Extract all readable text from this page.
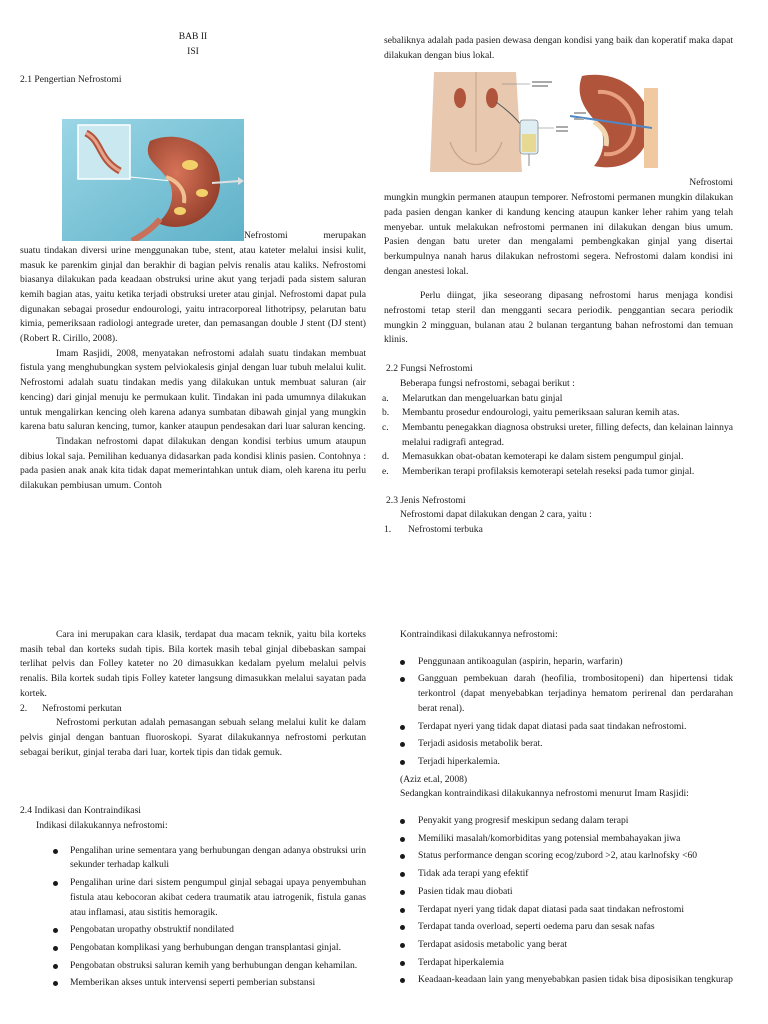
BAB II

ISI

2.1 Pengertian Nefrostomi

Nefrostomi	merupakan
suatu tindakan diversi urine menggunakan tube, stent, atau kateter melalui insisi kulit, masuk ke parenkim ginjal dan berakhir di bagian pelvis renalis atau kaliks. Nefrostomi biasanya dilakukan pada keadaan obstruksi urine akut yang terjadi pada sistem saluran kemih bagian atas, yaitu ketika terjadi obstruksi ureter atau ginjal. Nefrostomi dapat pula digunakan sebagai prosedur endourologi, yaitu intracorporeal lithotripsy, pelarutan batu kimia, pemeriksaan radiologi antegrade ureter, dan pemasangan double J stent (DJ stent) (Robert R. Cirillo, 2008).

Imam Rasjidi, 2008, menyatakan nefrostomi adalah suatu tindakan membuat fistula yang menghubungkan system pelviokalesis ginjal dengan luar tubuh melalui kulit. Nefrostomi adalah suatu tindakan medis yang dilakukan untuk membuat saluran (air kencing) dari ginjal menuju ke permukaan kulit. Tindakan ini pada umumnya dilakukan untuk mengalirkan kencing oleh karena adanya sumbatan dibawah ginjal yang mungkin karena batu saluran kencing, tumor, kanker ataupun pendesakan dari luar saluran kencing.

Tindakan nefrostomi dapat dilakukan dengan kondisi terbius umum ataupun dibius lokal saja. Pemilihan keduanya didasarkan pada kondisi klinis pasien. Contohnya : pada pasien anak anak kita tidak dapat memerintahkan untuk diam, oleh karena itu perlu dilakukan pembiusan umum. Contoh

sebaliknya adalah pada pasien dewasa dengan kondisi yang baik dan koperatif maka dapat dilakukan dengan bius lokal.

Nefrostomi

mungkin mungkin permanen ataupun temporer. Nefrostomi permanen mungkin dilakukan pada pasien dengan kanker di kandung kencing ataupun kanker leher rahim yang telah menyebar. untuk melakukan nefrostomi permanen ini dilakukan dengan bius umum. Pasien dengan batu ureter dan mengalami pembengkakan ginjal yang disertai berkumpulnya nanah harus dilakukan nefrostomi segera. Nefrostomi dalam kondisi ini dengan anestesi lokal.

Perlu diingat, jika seseorang dipasang nefrostomi harus menjaga kondisi nefrostomi tetap steril dan mengganti secara periodik. penggantian secara periodik mungkin 2 mingguan, bulanan atau 2 bulanan tergantung bahan nefrostomi dan temuan klinis.

2.2 Fungsi Nefrostomi

Beberapa fungsi nefrostomi, sebagai berikut :

a. Melarutkan dan mengeluarkan batu ginjal
b. Membantu prosedur endourologi, yaitu pemeriksaan saluran kemih atas.
c. Membantu penegakkan diagnosa obstruksi ureter, filling defects, dan kelainan lainnya melalui radigrafi antegrad.
d. Memasukkan obat-obatan kemoterapi ke dalam sistem pengumpul ginjal.
e. Memberikan terapi profilaksis kemoterapi setelah reseksi pada tumor ginjal.

2.3 Jenis Nefrostomi

Nefrostomi dapat dilakukan dengan 2 cara, yaitu :

1. Nefrostomi terbuka

Cara ini merupakan cara klasik, terdapat dua macam teknik, yaitu bila korteks masih tebal dan korteks sudah tipis. Bila kortek masih tebal ginjal dibebaskan sampai terlihat pelvis dan Folley kateter no 20 dimasukkan kedalam pyelum melalui pelvis renalis. Bila kortek sudah tipis Folley kateter langsung dimasukkan melalui sayatan pada kortek.

2. Nefrostomi perkutan

Nefrostomi perkutan adalah pemasangan sebuah selang melalui kulit ke dalam pelvis ginjal dengan bantuan fluoroskopi. Syarat dilakukannya nefrostomi perkutan sebagai berikut, ginjal teraba dari luar, kortek tipis dan tidak gemuk.

2.4 Indikasi dan Kontraindikasi

Indikasi dilakukannya nefrostomi:

Pengalihan urine sementara yang berhubungan dengan adanya obstruksi urin sekunder terhadap kalkuli
Pengalihan urine dari sistem pengumpul ginjal sebagai upaya penyembuhan fistula atau kebocoran akibat cedera traumatik atau iatrogenik, fistula ganas atau inflamasi, atau sistitis hemoragik.
Pengobatan uropathy obstruktif nondilated
Pengobatan komplikasi yang berhubungan dengan transplantasi ginjal.
Pengobatan obstruksi saluran kemih yang berhubungan dengan kehamilan.
Memberikan akses untuk intervensi seperti pemberian substansi

Kontraindikasi dilakukannya nefrostomi:

Penggunaan antikoagulan (aspirin, heparin, warfarin)
Gangguan pembekuan darah (heofilia, trombositopeni) dan hipertensi tidak terkontrol (dapat menyebabkan terjadinya hematom perirenal dan perdarahan berat renal).
Terdapat nyeri yang tidak dapat diatasi pada saat tindakan nefrostomi.
Terjadi asidosis metabolik berat.
Terjadi hiperkalemia.

(Aziz et.al, 2008)

Sedangkan kontraindikasi dilakukannya nefrostomi menurut Imam Rasjidi:

Penyakit yang progresif meskipun sedang dalam terapi
Memiliki masalah/komorbiditas yang potensial membahayakan jiwa
Status performance dengan scoring ecog/zubord >2, atau karlnofsky <60
Tidak ada terapi yang efektif
Pasien tidak mau diobati
Terdapat nyeri yang tidak dapat diatasi pada saat tindakan nefrostomi
Terdapat tanda overload, seperti oedema paru dan sesak nafas
Terdapat asidosis metabolic yang berat
Terdapat hiperkalemia
Keadaan-keadaan lain yang menyebabkan pasien tidak bisa diposisikan tengkurap
